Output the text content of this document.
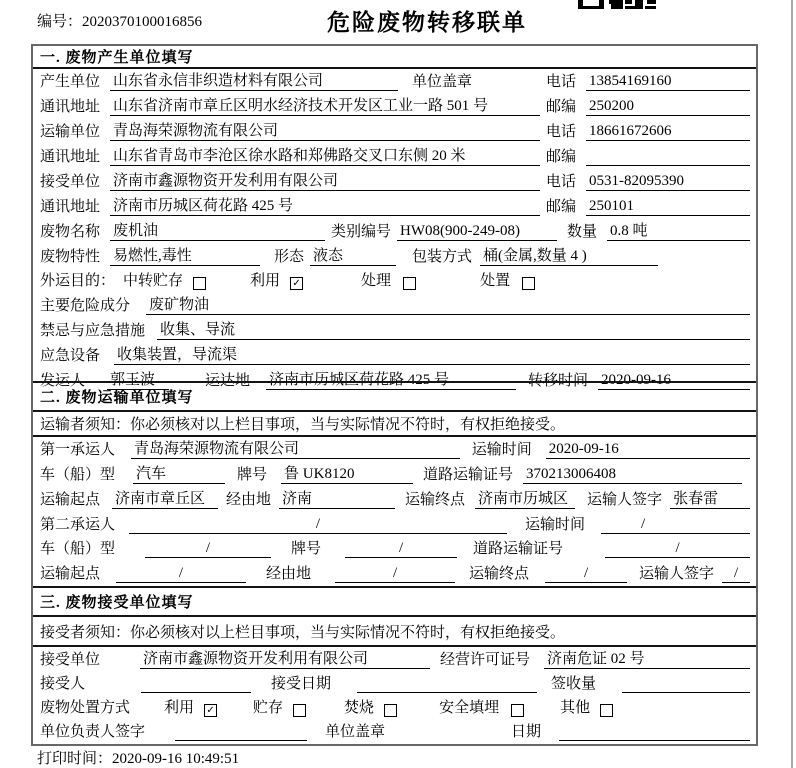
编号：2020370100016856	危险废物转移联单
一. 废物产生单位填写
产生单位 山东省永信非织造材料有限公司	单位盖章	电话 13854169160
通讯地址 山东省济南市章丘区明水经济技术开发区工业一路 501 号	邮编 250200
运输单位 青岛海荣源物流有限公司	电话 18661672606
通讯地址 山东省青岛市李沧区徐水路和郑佛路交叉口东侧 20 米	邮编
接受单位 济南市鑫源物资开发利用有限公司	电话 0531-82095390
通讯地址 济南市历城区荷花路 425 号	邮编 250101
废物名称 废机油	类别编号 HW08(900-249-08)	数量 0.8 吨
废物特性 易燃性,毒性	形态 液态	包装方式 桶(金属,数量 4 )
外运目的： 中转贮存	利用 ✓	处理	处置
主要危险成分 废矿物油
禁忌与应急措施 收集、导流
应急设备 收集装置，导流渠
发运人 郭玉波	运达地 济南市历城区荷花路 425 号	转移时间 2020-09-16
二. 废物运输单位填写
运输者须知：你必须核对以上栏目事项，当与实际情况不符时，有权拒绝接受。
第一承运人 青岛海荣源物流有限公司	运输时间 2020-09-16
车（船）型 汽车	牌号 鲁 UK8120	道路运输证号 370213006408
运输起点 济南市章丘区	经由地 济南	运输终点 济南市历城区	运输人签字 张春雷
第二承运人	/	运输时间	/
车（船）型	/	牌号	/	道路运输证号	/
运输起点	/	经由地	/	运输终点	/	运输人签字	/
三. 废物接受单位填写
接受者须知：你必须核对以上栏目事项，当与实际情况不符时，有权拒绝接受。
接受单位	济南市鑫源物资开发利用有限公司	经营许可证号 济南危证 02 号
接受人	接受日期	签收量
废物处置方式 利用 ✓	贮存	焚烧	安全填埋	其他
单位负责人签字	单位盖章	日期
打印时间：2020-09-16 10:49:51
